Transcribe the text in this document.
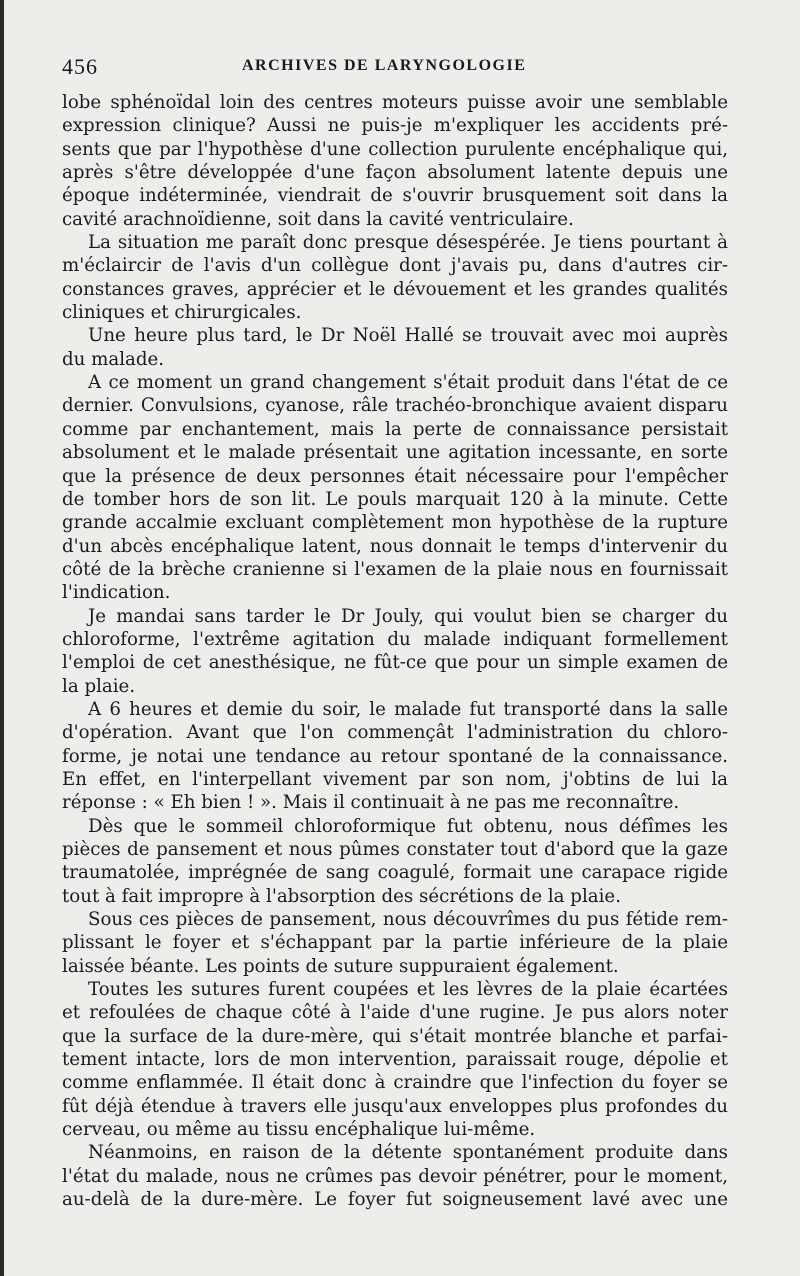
456	ARCHIVES DE LARYNGOLOGIE
lobe sphénoïdal loin des centres moteurs puisse avoir une semblable
expression clinique? Aussi ne puis-je m'expliquer les accidents pré-
sents que par l'hypothèse d'une collection purulente encéphalique qui,
après s'être développée d'une façon absolument latente depuis une
époque indéterminée, viendrait de s'ouvrir brusquement soit dans la
cavité arachnoïdienne, soit dans la cavité ventriculaire.
La situation me paraît donc presque désespérée. Je tiens pourtant à
m'éclaircir de l'avis d'un collègue dont j'avais pu, dans d'autres cir-
constances graves, apprécier et le dévouement et les grandes qualités
cliniques et chirurgicales.
Une heure plus tard, le Dr Noël Hallé se trouvait avec moi auprès
du malade.
A ce moment un grand changement s'était produit dans l'état de ce
dernier. Convulsions, cyanose, râle trachéo-bronchique avaient disparu
comme par enchantement, mais la perte de connaissance persistait
absolument et le malade présentait une agitation incessante, en sorte
que la présence de deux personnes était nécessaire pour l'empêcher
de tomber hors de son lit. Le pouls marquait 120 à la minute. Cette
grande accalmie excluant complètement mon hypothèse de la rupture
d'un abcès encéphalique latent, nous donnait le temps d'intervenir du
côté de la brèche cranienne si l'examen de la plaie nous en fournissait
l'indication.
Je mandai sans tarder le Dr Jouly, qui voulut bien se charger du
chloroforme, l'extrême agitation du malade indiquant formellement
l'emploi de cet anesthésique, ne fût-ce que pour un simple examen de
la plaie.
A 6 heures et demie du soir, le malade fut transporté dans la salle
d'opération. Avant que l'on commençât l'administration du chloro-
forme, je notai une tendance au retour spontané de la connaissance.
En effet, en l'interpellant vivement par son nom, j'obtins de lui la
réponse : « Eh bien ! ». Mais il continuait à ne pas me reconnaître.
Dès que le sommeil chloroformique fut obtenu, nous défîmes les
pièces de pansement et nous pûmes constater tout d'abord que la gaze
traumatolée, imprégnée de sang coagulé, formait une carapace rigide
tout à fait impropre à l'absorption des sécrétions de la plaie.
Sous ces pièces de pansement, nous découvrîmes du pus fétide rem-
plissant le foyer et s'échappant par la partie inférieure de la plaie
laissée béante. Les points de suture suppuraient également.
Toutes les sutures furent coupées et les lèvres de la plaie écartées
et refoulées de chaque côté à l'aide d'une rugine. Je pus alors noter
que la surface de la dure-mère, qui s'était montrée blanche et parfai-
tement intacte, lors de mon intervention, paraissait rouge, dépolie et
comme enflammée. Il était donc à craindre que l'infection du foyer se
fût déjà étendue à travers elle jusqu'aux enveloppes plus profondes du
cerveau, ou même au tissu encéphalique lui-même.
Néanmoins, en raison de la détente spontanément produite dans
l'état du malade, nous ne crûmes pas devoir pénétrer, pour le moment,
au-delà de la dure-mère. Le foyer fut soigneusement lavé avec une
